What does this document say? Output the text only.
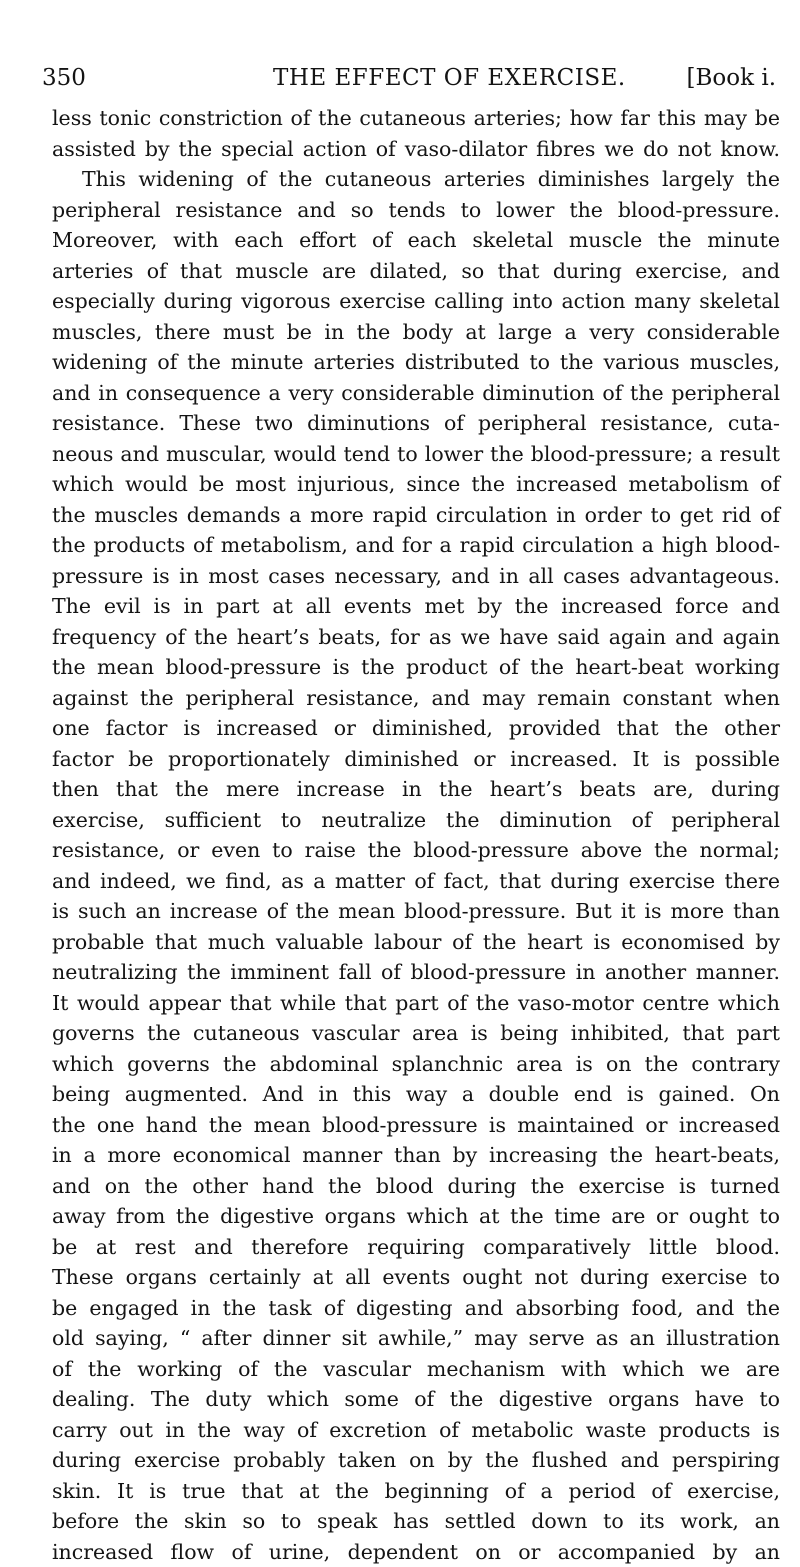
350	THE EFFECT OF EXERCISE.	[Book i.
less tonic constriction of the cutaneous arteries; how far this may be
assisted by the special action of vaso-dilator fibres we do not know.
This widening of the cutaneous arteries diminishes largely the
peripheral resistance and so tends to lower the blood-pressure.
Moreover, with each effort of each skeletal muscle the minute
arteries of that muscle are dilated, so that during exercise, and
especially during vigorous exercise calling into action many skeletal
muscles, there must be in the body at large a very considerable
widening of the minute arteries distributed to the various muscles,
and in consequence a very considerable diminution of the peripheral
resistance. These two diminutions of peripheral resistance, cuta-
neous and muscular, would tend to lower the blood-pressure; a result
which would be most injurious, since the increased metabolism of
the muscles demands a more rapid circulation in order to get rid of
the products of metabolism, and for a rapid circulation a high blood-
pressure is in most cases necessary, and in all cases advantageous.
The evil is in part at all events met by the increased force and
frequency of the heart’s beats, for as we have said again and again
the mean blood-pressure is the product of the heart-beat working
against the peripheral resistance, and may remain constant when
one factor is increased or diminished, provided that the other
factor be proportionately diminished or increased. It is possible
then that the mere increase in the heart’s beats are, during
exercise, sufficient to neutralize the diminution of peripheral
resistance, or even to raise the blood-pressure above the normal;
and indeed, we find, as a matter of fact, that during exercise there
is such an increase of the mean blood-pressure. But it is more than
probable that much valuable labour of the heart is economised by
neutralizing the imminent fall of blood-pressure in another manner.
It would appear that while that part of the vaso-motor centre which
governs the cutaneous vascular area is being inhibited, that part
which governs the abdominal splanchnic area is on the contrary
being augmented. And in this way a double end is gained. On
the one hand the mean blood-pressure is maintained or increased
in a more economical manner than by increasing the heart-beats,
and on the other hand the blood during the exercise is turned
away from the digestive organs which at the time are or ought to
be at rest and therefore requiring comparatively little blood.
These organs certainly at all events ought not during exercise to
be engaged in the task of digesting and absorbing food, and the
old saying, “ after dinner sit awhile,” may serve as an illustration
of the working of the vascular mechanism with which we are
dealing. The duty which some of the digestive organs have to
carry out in the way of excretion of metabolic waste products is
during exercise probably taken on by the flushed and perspiring
skin. It is true that at the beginning of a period of exercise,
before the skin so to speak has settled down to its work, an
increased flow of urine, dependent on or accompanied by an
